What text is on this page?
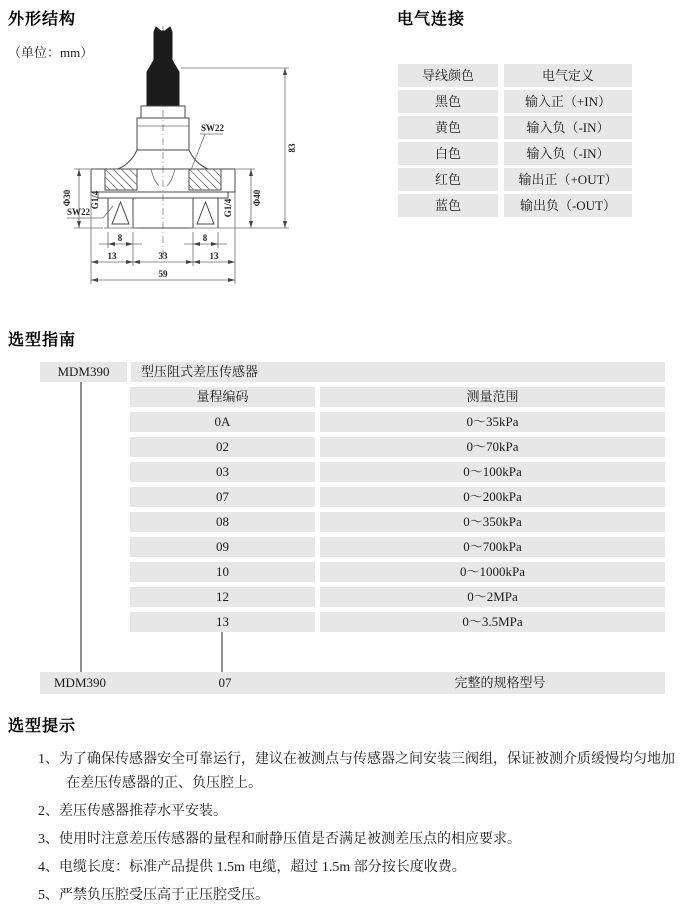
外形结构
（单位：mm）
SW22
SW22
83
Φ40
Φ30 G1/4	G1/4
8	8
13	33	13
59
电气连接
导线颜色	电气定义
黑色	输入正（+IN）
黄色	输入负（-IN）
白色	输入负（-IN）
红色	输出正（+OUT）
蓝色	输出负（-OUT）
选型指南
MDM390	型压阻式差压传感器
量程编码	测量范围
0A	0～35kPa
02	0～70kPa
03	0～100kPa
07	0～200kPa
08	0～350kPa
09	0～700kPa
10	0～1000kPa
12	0～2MPa
13	0～3.5MPa
MDM390	07	完整的规格型号
选型提示
1、为了确保传感器安全可靠运行，建议在被测点与传感器之间安装三阀组，保证被测介质缓慢均匀地加在差压传感器的正、负压腔上。
2、差压传感器推荐水平安装。
3、使用时注意差压传感器的量程和耐静压值是否满足被测差压点的相应要求。
4、电缆长度：标准产品提供 1.5m 电缆，超过 1.5m 部分按长度收费。
5、严禁负压腔受压高于正压腔受压。
